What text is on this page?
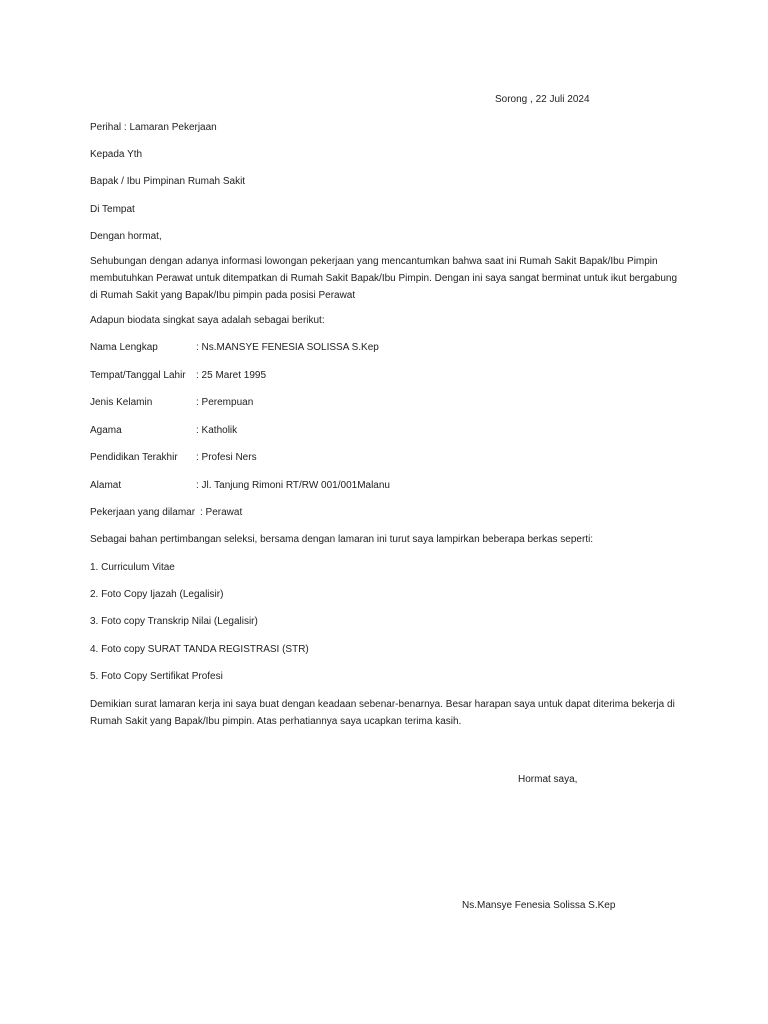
Sorong , 22 Juli 2024
Perihal : Lamaran Pekerjaan
Kepada Yth
Bapak / Ibu Pimpinan Rumah Sakit
Di Tempat
Dengan hormat,
Sehubungan dengan adanya informasi lowongan pekerjaan yang mencantumkan bahwa saat ini Rumah Sakit Bapak/Ibu Pimpin membutuhkan Perawat untuk ditempatkan di Rumah Sakit Bapak/Ibu Pimpin. Dengan ini saya sangat berminat untuk ikut bergabung di Rumah Sakit yang Bapak/Ibu pimpin pada posisi Perawat
Adapun biodata singkat saya adalah sebagai berikut:
Nama Lengkap	: Ns.MANSYE FENESIA SOLISSA S.Kep
Tempat/Tanggal Lahir : 25 Maret 1995
Jenis Kelamin	: Perempuan
Agama	: Katholik
Pendidikan Terakhir : Profesi Ners
Alamat	: Jl. Tanjung Rimoni RT/RW 001/001Malanu
Pekerjaan yang dilamar : Perawat
Sebagai bahan pertimbangan seleksi, bersama dengan lamaran ini turut saya lampirkan beberapa berkas seperti:
1. Curriculum Vitae
2. Foto Copy Ijazah (Legalisir)
3. Foto copy Transkrip Nilai (Legalisir)
4. Foto copy SURAT TANDA REGISTRASI (STR)
5. Foto Copy Sertifikat Profesi
Demikian surat lamaran kerja ini saya buat dengan keadaan sebenar-benarnya. Besar harapan saya untuk dapat diterima bekerja di Rumah Sakit yang Bapak/Ibu pimpin. Atas perhatiannya saya ucapkan terima kasih.
Hormat saya,
Ns.Mansye Fenesia Solissa S.Kep
